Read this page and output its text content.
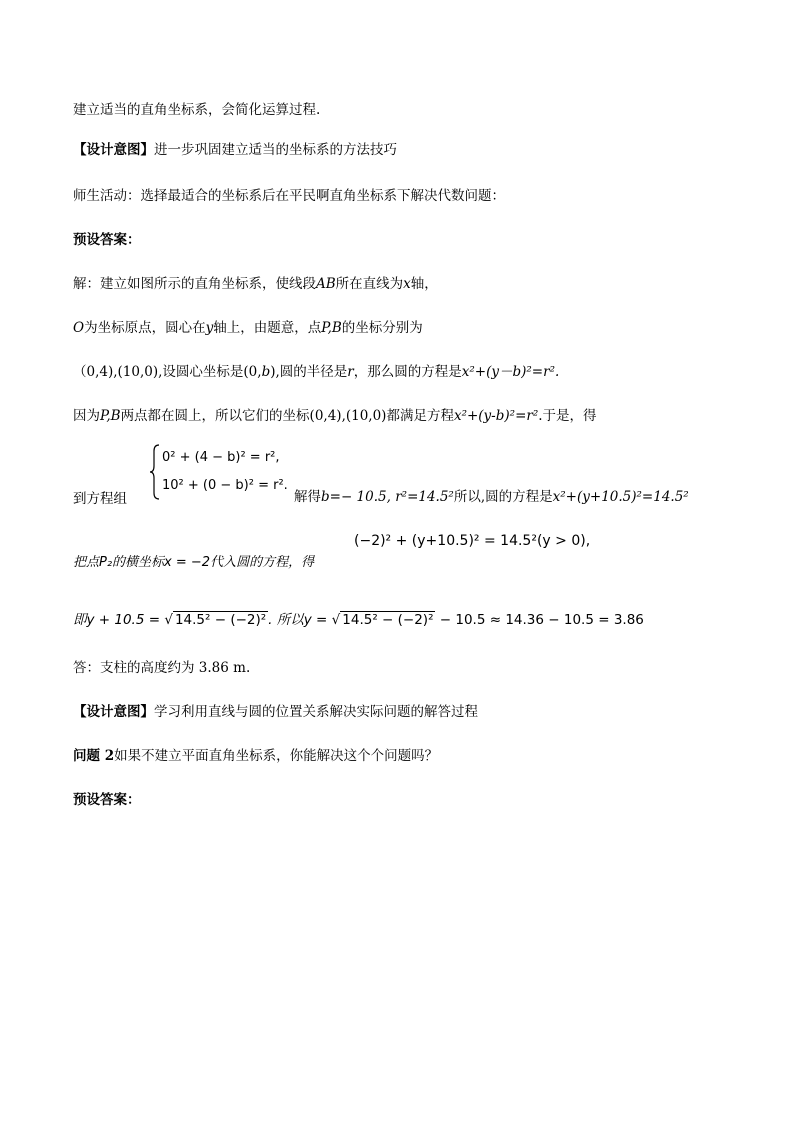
建立适当的直角坐标系，会简化运算过程.
【设计意图】进一步巩固建立适当的坐标系的方法技巧
师生活动：选择最适合的坐标系后在平民啊直角坐标系下解决代数问题：
预设答案：
解：建立如图所示的直角坐标系，使线段AB所在直线为x轴，
O为坐标原点，圆心在y轴上，由题意，点P,B的坐标分别为
（0,4),(10,0),设圆心坐标是(0,b),圆的半径是r，那么圆的方程是x²+(y－b)²=r².
因为P,B两点都在圆上，所以它们的坐标(0,4),(10,0)都满足方程x²+(y-b)²=r².于是，得
0² + (4 − b)² = r²,
10² + (0 − b)² = r².
到方程组	解得b=− 10.5, r²=14.5²所以,圆的方程是x²+(y+10.5)²=14.5²
(−2)² + (y+10.5)² = 14.5²(y > 0),
把点P₂的横坐标x = −2代入圆的方程，得
即y + 10.5 = √ 14.5² − (−2)² . 所以y = √ 14.5² − (−2)² − 10.5 ≈ 14.36 − 10.5 = 3.86
答：支柱的高度约为 3.86 m.
【设计意图】学习利用直线与圆的位置关系解决实际问题的解答过程
问题 2如果不建立平面直角坐标系，你能解决这个个问题吗？
预设答案：
